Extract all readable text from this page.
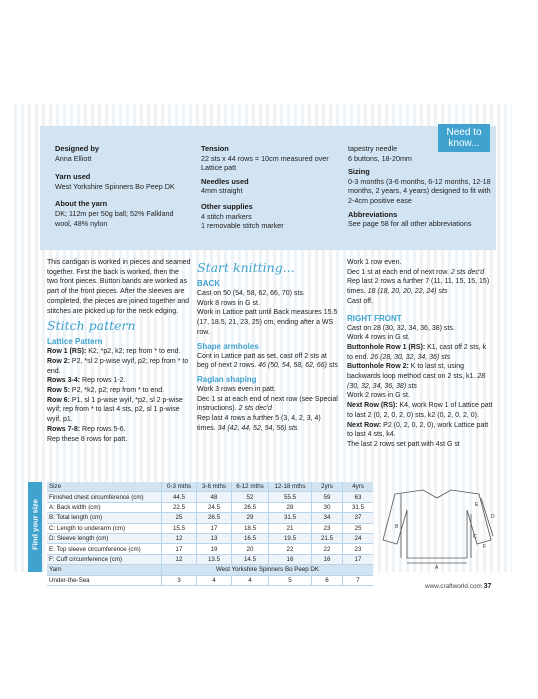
Designed by

Anna Elliott

Yarn used

West Yorkshire Spinners Bo Peep DK

About the yarn

DK; 112m per 50g ball; 52% Falkland wool, 48% nylon

Tension

22 sts x 44 rows = 10cm measured over Lattice patt

Needles used

4mm straight

Other supplies

4 stitch markers
1 removable stitch marker

tapestry needle
6 buttons, 18-20mm

Sizing

0-3 months (3-6 months, 6-12 months, 12-18 months, 2 years, 4 years) designed to fit with 2-4cm positive ease

Abbreviations

See page 58 for all other abbreviations

Need to
know...

This cardigan is worked in pieces and seamed together. First the back is worked, then the two front pieces. Button bands are worked as part of the front pieces. After the sleeves are completed, the pieces are joined together and stitches are picked up for the neck edging.

Stitch pattern
Lattice Pattern

Row 1 (RS): K2, *p2, k2; rep from * to end.

Row 2: P2, *sl 2 p-wise wyif, p2; rep from * to end.

Rows 3-4: Rep rows 1-2.

Row 5: P2, *k2, p2; rep from * to end.

Row 6: P1, sl 1 p-wise wyif, *p2, sl 2 p-wise wyif; rep from * to last 4 sts, p2, sl 1 p-wise wyif, p1.

Rows 7-8: Rep rows 5-6.

Rep these 8 rows for patt.

Start knitting...
BACK

Cast on 50 (54, 58, 62, 66, 70) sts.

Work 8 rows in G st.

Work in Lattice patt until Back measures 15.5 (17, 18.5, 21, 23, 25) cm, ending after a WS row.

Shape armholes

Cont in Lattice patt as set, cast off 2 sts at beg of next 2 rows. 46 (50, 54, 58, 62, 66) sts

Raglan shaping

Work 3 rows even in patt.

Dec 1 st at each end of next row (see Special instructions). 2 sts dec'd

Rep last 4 rows a further 5 (3, 4, 2, 3, 4) times. 34 (42, 44, 52, 54, 56) sts

Work 1 row even.

Dec 1 st at each end of next row. 2 sts dec'd

Rep last 2 rows a further 7 (11, 11, 15, 15, 15) times. 18 (18, 20, 20, 22, 24) sts

Cast off.

RIGHT FRONT

Cast on 28 (30, 32, 34, 36, 38) sts.

Work 4 rows in G st.

Buttonhole Row 1 (RS): K1, cast off 2 sts, k to end. 26 (28, 30, 32, 34, 36) sts

Buttonhole Row 2: K to last st, using backwards loop method cast on 2 sts, k1. 28 (30, 32, 34, 36, 38) sts

Work 2 rows in G st.

Next Row (RS): K4, work Row 1 of Lattice patt to last 2 (0, 2, 0, 2, 0) sts, k2 (0, 2, 0, 2, 0).

Next Row: P2 (0, 2, 0, 2, 0), work Lattice patt to last 4 sts, k4.

The last 2 rows set patt with 4st G st

Find your size
Size	0-3 mths	3-6 mths	6-12 mths	12-18 mths	2yrs	4yrs
Finished chest circumference (cm)	44.5	48	52	55.5	59	63
A: Back width (cm)	22.5	24.5	26.5	28	30	31.5
B: Total length (cm)	25	26.5	29	31.5	34	37
C: Length to underarm (cm)	15.5	17	18.5	21	23	25
D: Sleeve length (cm)	12	13	16.5	19.5	21.5	24
E: Top sleeve circumference (cm)	17	19	20	22	22	23
F: Cuff circumference (cm)	12	13.5	14.5	16	16	17
Yarn	West Yorkshire Spinners Bo Peep DK					
Under-the-Sea	3	4	4	5	6	7
A
B
C
D
E
F
www.craftworld.com 37
